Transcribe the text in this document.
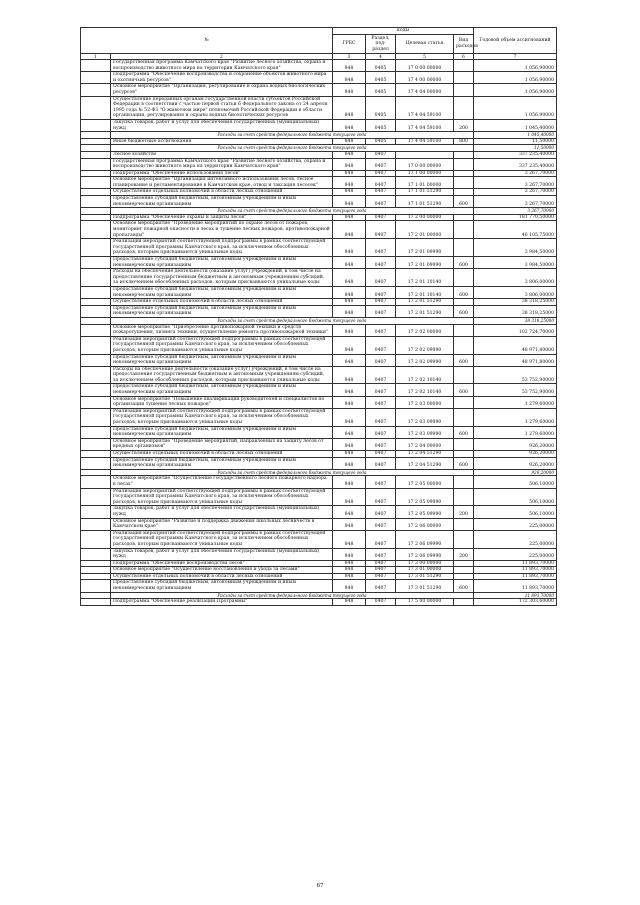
№		коды				Годовой объем ассигнований
		ГРБС	Раздел, под-раздел	Целевая статья	Вид расходов	
1	2	3	4	5	6	7
	Государственная программа Камчатского края "Развитие лесного хозяйства, охрана и воспроизводство животного мира на территории Камчатского края"	848	0405	17 0 00 00000		1 056,90000
	Подпрограмма "Обеспечение воспроизводства и сохранение объектов животного мира и охотничьих ресурсов"	848	0405	17 4 00 00000		1 056,90000
	Основное мероприятие "Организация, регулирование и охрана водных биологических ресурсов"	848	0405	17 4 04 00000		1 056,90000
	Осуществление переданных органам государственной власти субъектов Российской Федерации в соответствии с частью первой статьи 6 Федерального закона от 24 апреля 1995 года № 52-ФЗ "О животном мире" полномочий Российской Федерации в области организации, регулирования и охраны водных биологических ресурсов	848	0405	17 4 04 59100		1 056,90000
	Закупка товаров, работ и услуг для обеспечения государственных (муниципальных) нужд	848	0405	17 4 04 59100	200	1 045,40000
	Расходы за счет средств федерального бюджета текущего года					1 045,40000
	Иные бюджетные ассигнования	848	0405	17 4 04 59100	800	11,50000
	Расходы за счет средств федерального бюджета текущего года					11,50000
	Лесное хозяйство	848	0407			337 235,40000
	Государственная программа Камчатского края "Развитие лесного хозяйства, охрана и воспроизводство животного мира на территории Камчатского края"	848	0407	17 0 00 00000		337 235,40000
	Подпрограмма "Обеспечение использования лесов"	848	0407	17 1 00 00000		3 267,70000
	Основное мероприятие "Организация интенсивного использования лесов, лесное планирование и регламентирование в Камчатском крае, отвод и таксация лесосек"	848	0407	17 1 01 00000		3 267,70000
	Осуществление отдельных полномочий в области лесных отношений	848	0407	17 1 01 51290		3 267,70000
	Предоставление субсидий бюджетным, автономным учреждениям и иным некоммерческим организациям	848	0407	17 1 01 51290	600	3 267,70000
	Расходы за счет средств федерального бюджета текущего года					3 267,70000
	Подпрограмма "Обеспечение охраны и защиты лесов"	848	0407	17 2 00 00000		181 770,50000
	Основное мероприятие "Проведение мероприятий по охране лесов от пожаров, мониторинг пожарной опасности в лесах и тушение лесных пожаров, противопожарной пропаганды"	848	0407	17 2 01 00000		46 105,75000
	Реализация мероприятий соответствующей подпрограммы в рамках соответствующей государственной программы Камчатского края, за исключением обособленных расходов, которым присваиваются уникальные коды	848	0407	17 2 01 09990		3 984,50000
	Предоставление субсидий бюджетным, автономным учреждениям и иным некоммерческим организациям	848	0407	17 2 01 09990	600	3 984,50000
	Расходы на обеспечение деятельности (оказание услуг) учреждений, в том числе на предоставление государственным бюджетным и автономным учреждениям субсидий, за исключением обособленных расходов, которым присваиваются уникальные коды	848	0407	17 2 01 10140		3 806,00000
	Предоставление субсидий бюджетным, автономным учреждениям и иным некоммерческим организациям	848	0407	17 2 01 10140	600	3 806,00000
	Осуществление отдельных полномочий в области лесных отношений	848	0407	17 2 01 51290		38 318,25000
	Предоставление субсидий бюджетным, автономным учреждениям и иным некоммерческим организациям	848	0407	17 2 01 51290	600	38 318,25000
	Расходы за счет средств федерального бюджета текущего года					38 318,25000
	Основное мероприятие "Приобретение противопожарной техники и средств пожаротушения, лизинга техники, осуществление ремонта противопожарной техники"	848	0407	17 2 02 00000		102 724,70000
	Реализация мероприятий соответствующей подпрограммы в рамках соответствующей государственной программы Камчатского края, за исключением обособленных расходов, которым присваиваются уникальные коды	848	0407	17 2 02 09990		48 971,80000
	Предоставление субсидий бюджетным, автономным учреждениям и иным некоммерческим организациям	848	0407	17 2 02 09990	600	48 971,80000
	Расходы на обеспечение деятельности (оказание услуг) учреждений, в том числе на предоставление государственным бюджетным и автономным учреждениям субсидий, за исключением обособленных расходов, которым присваиваются уникальные коды	848	0407	17 2 02 10140		53 752,90000
	Предоставление субсидий бюджетным, автономным учреждениям и иным некоммерческим организациям	848	0407	17 2 02 10140	600	53 752,90000
	Основное мероприятие "Повышение квалификации руководителей и специалистов по организации тушения лесных пожаров"	848	0407	17 2 03 00000		1 279,60000
	Реализация мероприятий соответствующей подпрограммы в рамках соответствующей государственной программы Камчатского края, за исключением обособленных расходов, которым присваиваются уникальные коды	848	0407	17 2 03 09990		1 279,60000
	Предоставление субсидий бюджетным, автономным учреждениям и иным некоммерческим организациям	848	0407	17 2 03 09990	600	1 279,60000
	Основное мероприятие "Проведение мероприятий, направленных на защиту лесов от вредных организмов"	848	0407	17 2 04 00000		926,20000
	Осуществление отдельных полномочий в области лесных отношений	848	0407	17 2 04 51290		926,20000
	Предоставление субсидий бюджетным, автономным учреждениям и иным некоммерческим организациям	848	0407	17 2 04 51290	600	926,20000
	Расходы за счет средств федерального бюджета текущего года					926,20000
	Основное мероприятие "Осуществление государственного лесного пожарного надзора в лесах"	848	0407	17 2 05 00000		506,10000
	Реализация мероприятий соответствующей подпрограммы в рамках соответствующей государственной программы Камчатского края, за исключением обособленных расходов, которым присваиваются уникальные коды	848	0407	17 2 05 09990		506,10000
	Закупка товаров, работ и услуг для обеспечения государственных (муниципальных) нужд	848	0407	17 2 05 09990	200	506,10000
	Основное мероприятие "Развитие и поддержка движения школьных лесничеств в Камчатском крае"	848	0407	17 2 06 00000		225,00000
	Реализация мероприятий соответствующей подпрограммы в рамках соответствующей государственной программы Камчатского края, за исключением обособленных расходов, которым присваиваются уникальные коды	848	0407	17 2 06 09990		225,00000
	Закупка товаров, работ и услуг для обеспечения государственных (муниципальных) нужд	848	0407	17 2 06 09990	200	225,00000
	Подпрограмма "Обеспечение воспроизводства лесов"	848	0407	17 3 00 00000		11 893,70000
	Основное мероприятие "Осуществление восстановления и ухода за лесами"	848	0407	17 3 01 00000		11 893,70000
	Осуществление отдельных полномочий в области лесных отношений	848	0407	17 3 01 51290		11 893,70000
	Предоставление субсидий бюджетным, автономным учреждениям и иным некоммерческим организациям	848	0407	17 3 01 51290	600	11 893,70000
	Расходы за счет средств федерального бюджета текущего года					11 893,70000
	Подпрограмма "Обеспечение реализации Программы"	848	0407	17 5 00 00000		172 303,60000
67
